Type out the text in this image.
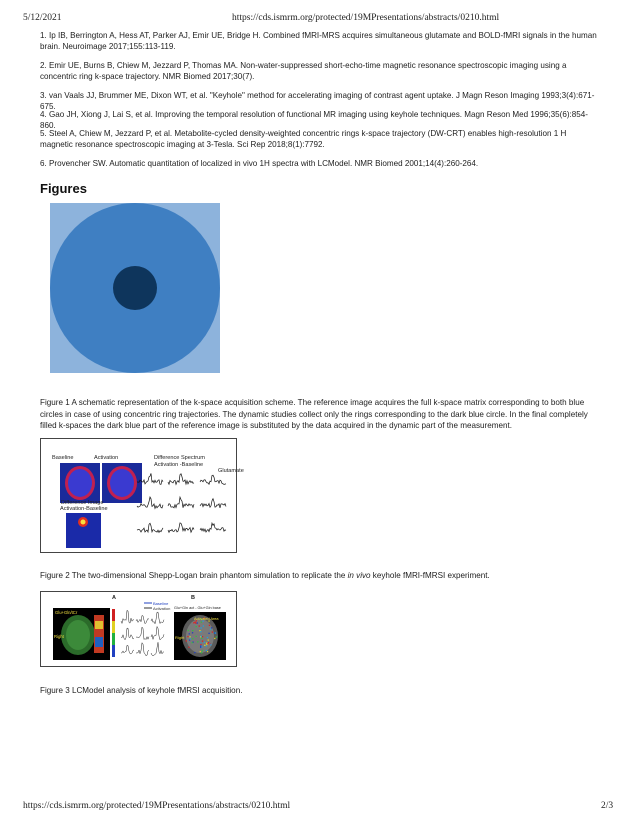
5/12/2021	https://cds.ismrm.org/protected/19MPresentations/abstracts/0210.html

1. Ip IB, Berrington A, Hess AT, Parker AJ, Emir UE, Bridge H. Combined fMRI-MRS acquires simultaneous glutamate and BOLD-fMRI signals in the human brain. Neuroimage 2017;155:113-119.

2. Emir UE, Burns B, Chiew M, Jezzard P, Thomas MA. Non-water-suppressed short-echo-time magnetic resonance spectroscopic imaging using a concentric ring k-space trajectory. NMR Biomed 2017;30(7).

3. van Vaals JJ, Brummer ME, Dixon WT, et al. "Keyhole" method for accelerating imaging of contrast agent uptake. J Magn Reson Imaging 1993;3(4):671-675.

4. Gao JH, Xiong J, Lai S, et al. Improving the temporal resolution of functional MR imaging using keyhole techniques. Magn Reson Med 1996;35(6):854-860.

5. Steel A, Chiew M, Jezzard P, et al. Metabolite-cycled density-weighted concentric rings k-space trajectory (DW-CRT) enables high-resolution 1 H magnetic resonance spectroscopic imaging at 3-Tesla. Sci Rep 2018;8(1):7792.

6. Provencher SW. Automatic quantitation of localized in vivo 1H spectra with LCModel. NMR Biomed 2001;14(4):260-264.

Figures

Figure 1 A schematic representation of the k-space acquisition scheme. The reference image acquires the full k-space matrix corresponding to both blue circles in case of using concentric ring trajectories. The dynamic studies collect only the rings corresponding to the dark blue circle. In the final completely filled k-spaces the dark blue part of the reference image is substituted by the data acquired in the dynamic part of the measurement.

Baseline	Activation
Difference Image
Activation-Baseline
Difference Spectrum
Activation -Baseline
Glutamate

Figure 2 The two-dimensional Shepp-Logan brain phantom simulation to replicate the in vivo keyhole fMRI-fMRSI experiment.

A	B
Glu+Gln/tCr
Right
Baseline
Activation Glu+Gln act - Glu+Gln base
Activated Area
Right

Figure 3 LCModel analysis of keyhole fMRSI acquisition.

https://cds.ismrm.org/protected/19MPresentations/abstracts/0210.html	2/3
